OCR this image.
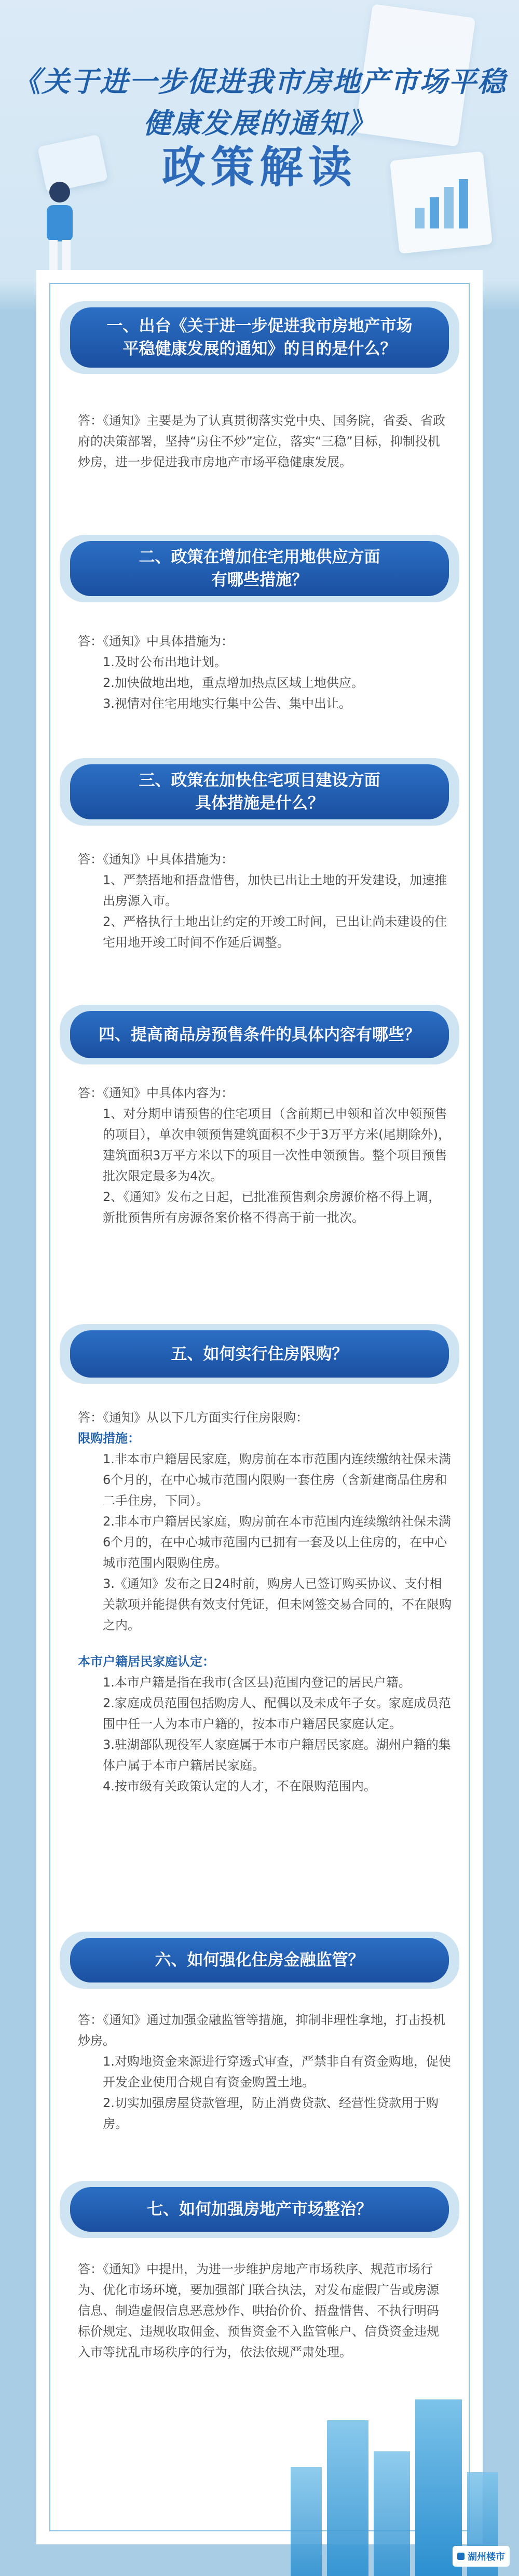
《关于进一步促进我市房地产市场平稳
健康发展的通知》
政策解读
一、出台《关于进一步促进我市房地产市场
平稳健康发展的通知》的目的是什么？

答：《通知》主要是为了认真贯彻落实党中央、国务院，省委、省政府的决策部署，坚持“房住不炒”定位，落实“三稳”目标，抑制投机炒房，进一步促进我市房地产市场平稳健康发展。

二、政策在增加住宅用地供应方面
有哪些措施？

答：《通知》中具体措施为：

1.及时公布出地计划。

2.加快做地出地，重点增加热点区域土地供应。

3.视情对住宅用地实行集中公告、集中出让。

三、政策在加快住宅项目建设方面
具体措施是什么？

答：《通知》中具体措施为：

1、严禁捂地和捂盘惜售，加快已出让土地的开发建设，加速推出房源入市。

2、严格执行土地出让约定的开竣工时间，已出让尚未建设的住宅用地开竣工时间不作延后调整。

四、提高商品房预售条件的具体内容有哪些？

答：《通知》中具体内容为：

1、对分期申请预售的住宅项目（含前期已申领和首次申领预售的项目），单次申领预售建筑面积不少于3万平方米(尾期除外)，建筑面积3万平方米以下的项目一次性申领预售。整个项目预售批次限定最多为4次。

2、《通知》发布之日起，已批准预售剩余房源价格不得上调，新批预售所有房源备案价格不得高于前一批次。

五、如何实行住房限购？

答：《通知》从以下几方面实行住房限购：

限购措施：

1.非本市户籍居民家庭，购房前在本市范围内连续缴纳社保未满6个月的，在中心城市范围内限购一套住房（含新建商品住房和二手住房，下同）。

2.非本市户籍居民家庭，购房前在本市范围内连续缴纳社保未满6个月的，在中心城市范围内已拥有一套及以上住房的，在中心城市范围内限购住房。

3.《通知》发布之日24时前，购房人已签订购买协议、支付相关款项并能提供有效支付凭证，但未网签交易合同的，不在限购之内。

本市户籍居民家庭认定：

1.本市户籍是指在我市(含区县)范围内登记的居民户籍。

2.家庭成员范围包括购房人、配偶以及未成年子女。家庭成员范围中任一人为本市户籍的，按本市户籍居民家庭认定。

3.驻湖部队现役军人家庭属于本市户籍居民家庭。湖州户籍的集体户属于本市户籍居民家庭。

4.按市级有关政策认定的人才，不在限购范围内。

六、如何强化住房金融监管？

答：《通知》通过加强金融监管等措施，抑制非理性拿地，打击投机炒房。

1.对购地资金来源进行穿透式审查，严禁非自有资金购地，促使开发企业使用合规自有资金购置土地。

2.切实加强房屋贷款管理，防止消费贷款、经营性贷款用于购房。

七、如何加强房地产市场整治？

答：《通知》中提出，为进一步维护房地产市场秩序、规范市场行为、优化市场环境，要加强部门联合执法，对发布虚假广告或房源信息、制造虚假信息恶意炒作、哄抬价价、捂盘惜售、不执行明码标价规定、违规收取佣金、预售资金不入监管帐户、信贷资金违规入市等扰乱市场秩序的行为，依法依规严肃处理。

湖州楼市
